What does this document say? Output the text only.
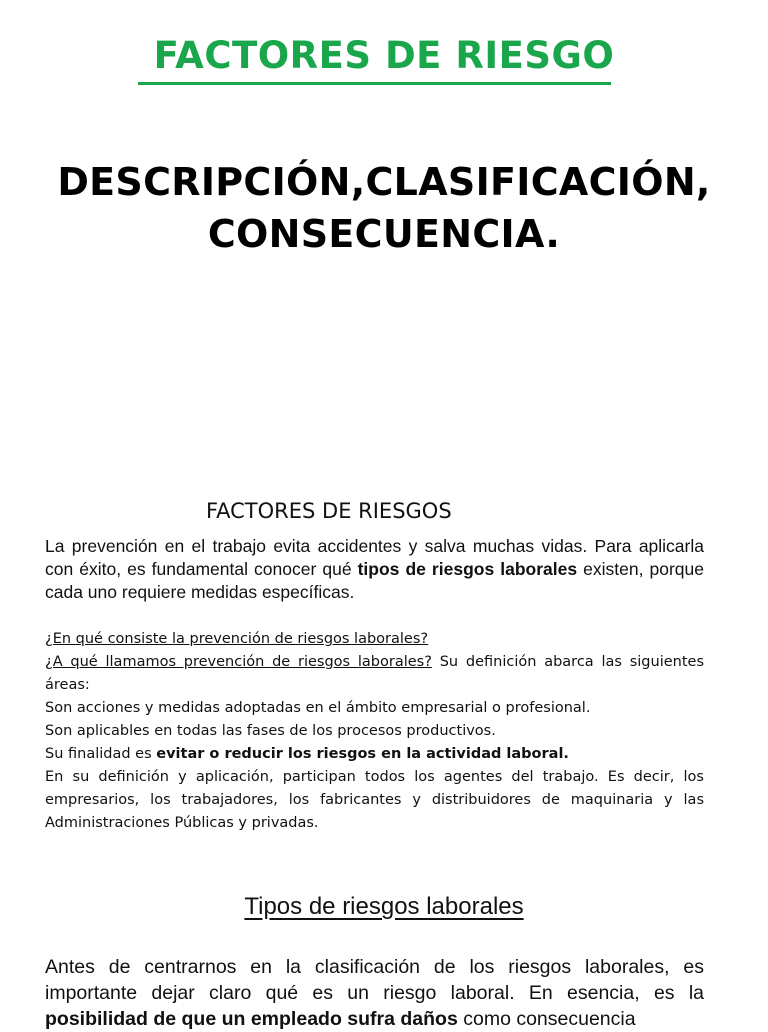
FACTORES DE RIESGO
DESCRIPCIÓN,CLASIFICACIÓN,
CONSECUENCIA.
FACTORES DE RIESGOS

La prevención en el trabajo evita accidentes y salva muchas vidas. Para aplicarla con éxito, es fundamental conocer qué tipos de riesgos laborales existen, porque cada uno requiere medidas específicas.

¿En qué consiste la prevención de riesgos laborales?
¿A qué llamamos prevención de riesgos laborales? Su definición abarca las siguientes áreas:
Son acciones y medidas adoptadas en el ámbito empresarial o profesional.
Son aplicables en todas las fases de los procesos productivos.
Su finalidad es evitar o reducir los riesgos en la actividad laboral.
En su definición y aplicación, participan todos los agentes del trabajo. Es decir, los empresarios, los trabajadores, los fabricantes y distribuidores de maquinaria y las Administraciones Públicas y privadas.
Tipos de riesgos laborales

Antes de centrarnos en la clasificación de los riesgos laborales, es importante dejar claro qué es un riesgo laboral. En esencia, es la posibilidad de que un empleado sufra daños como consecuencia
